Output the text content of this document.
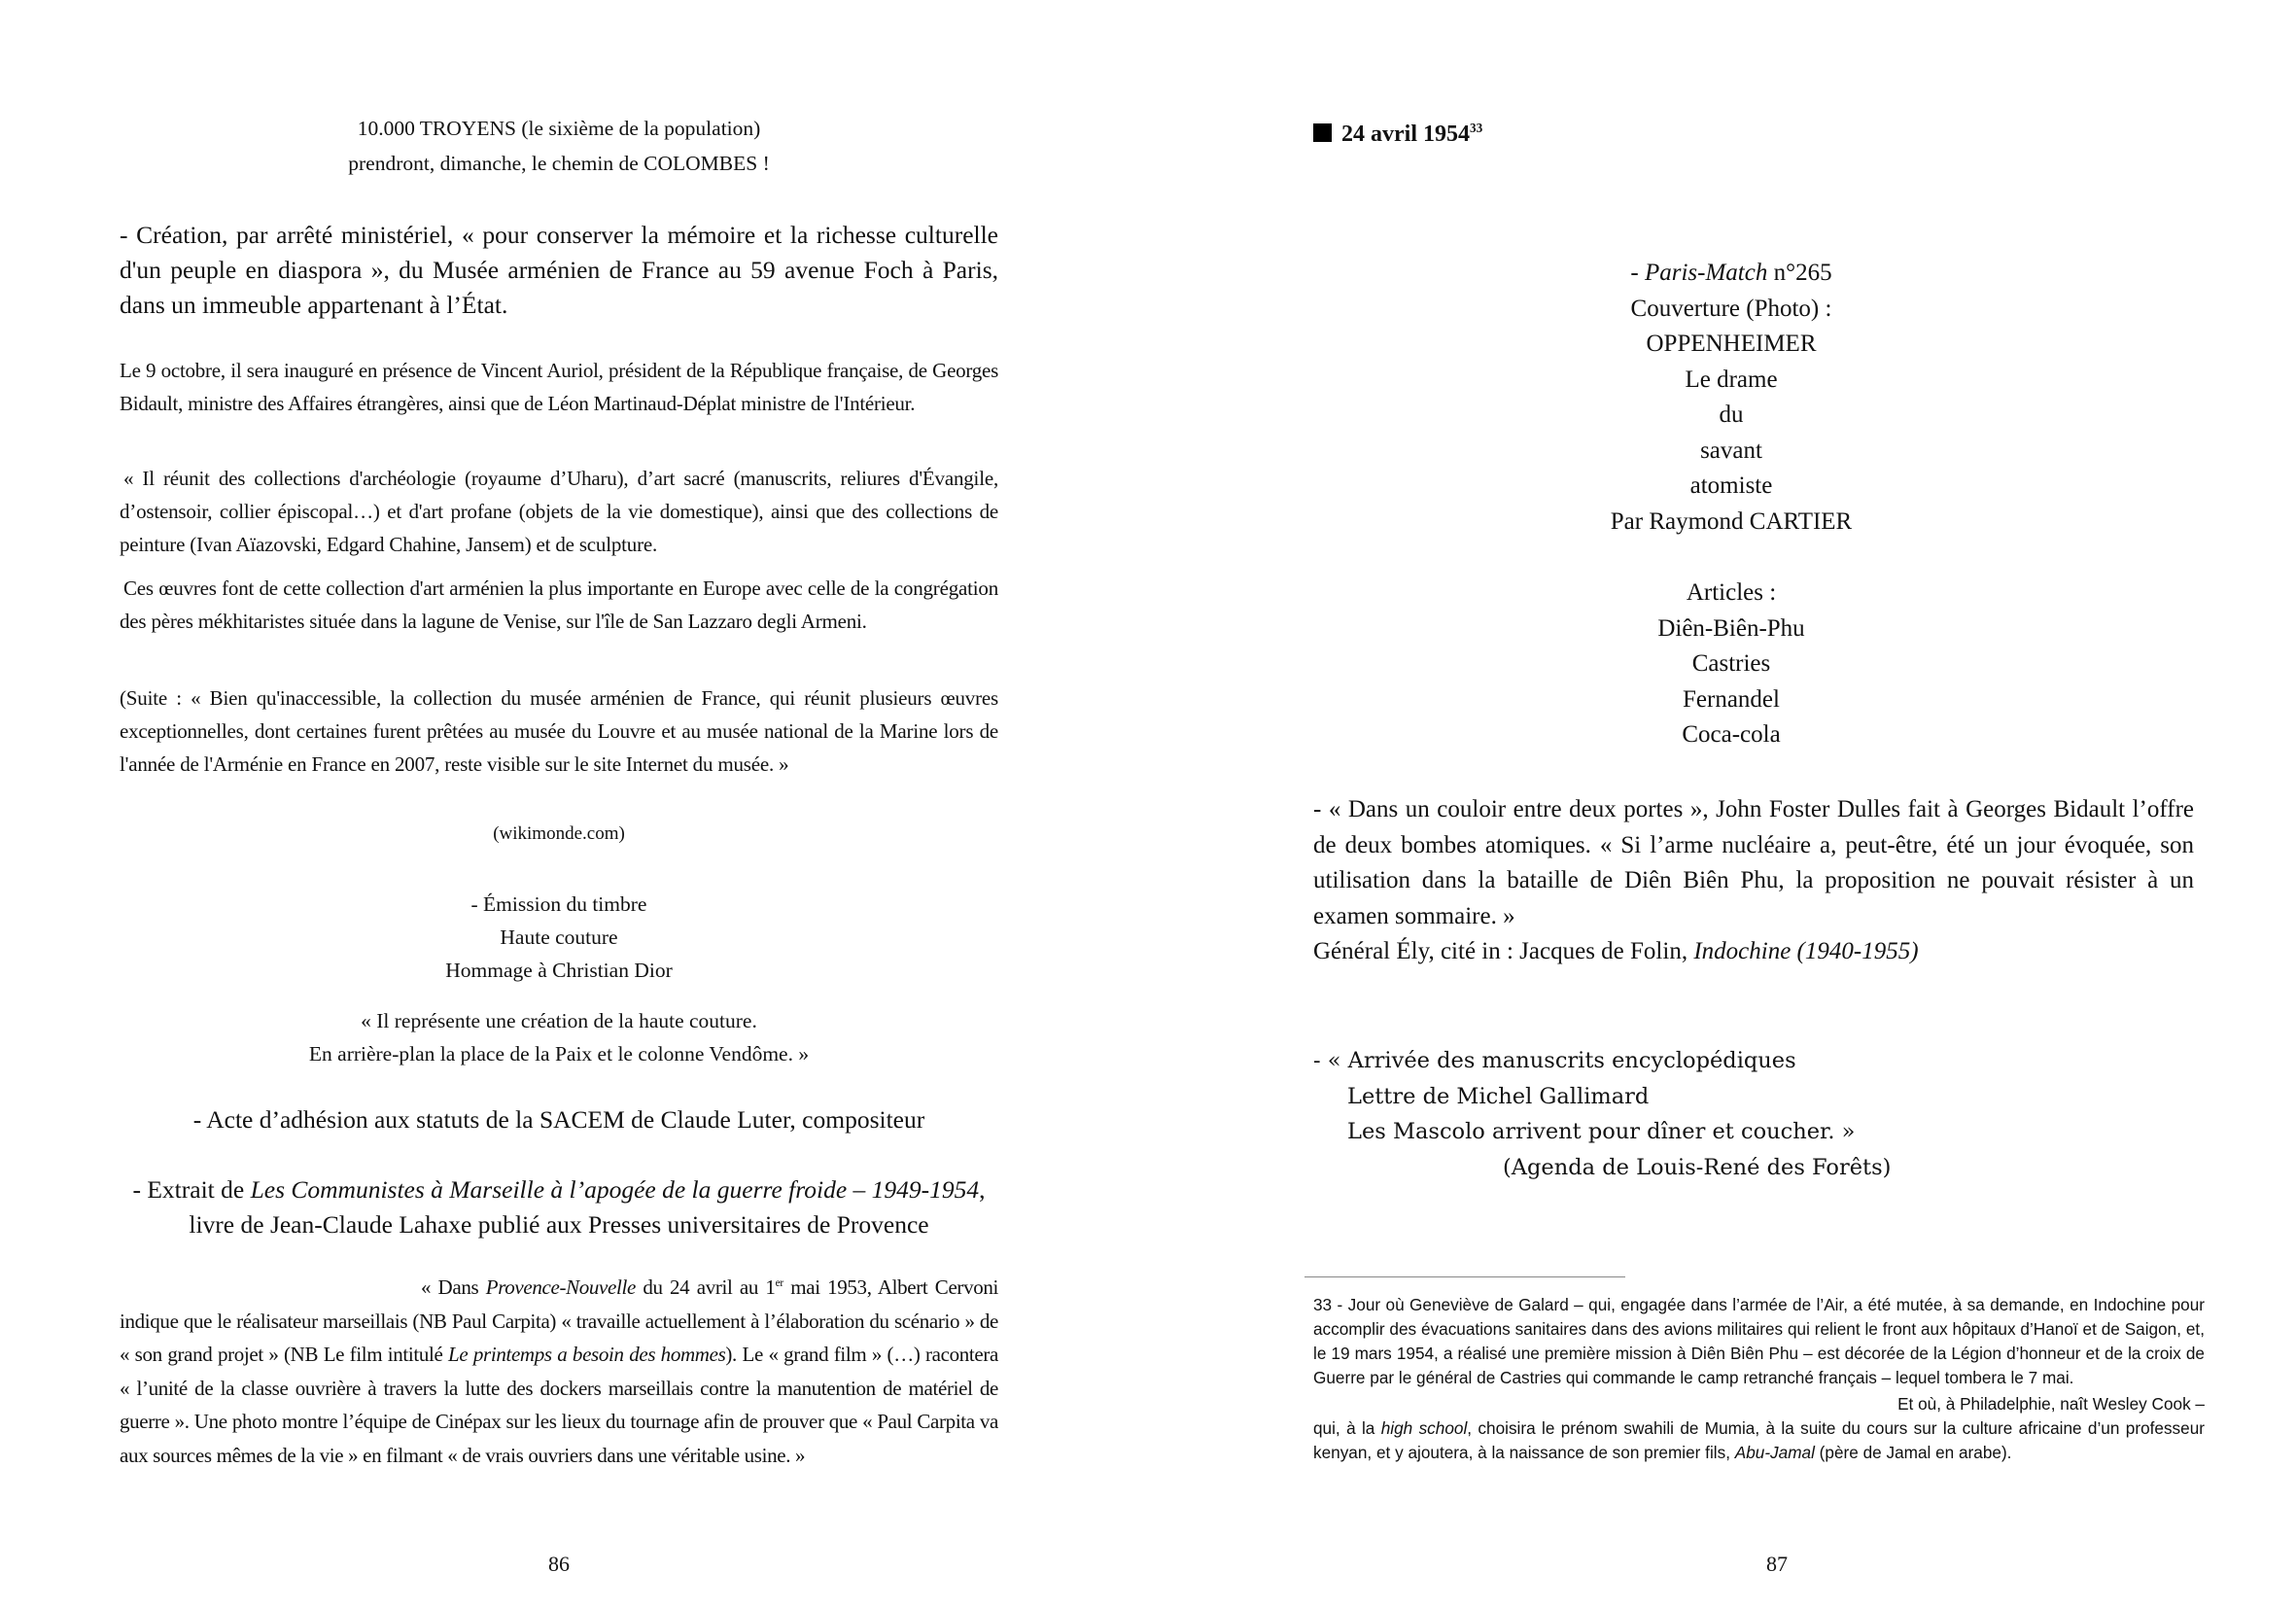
10.000 TROYENS (le sixième de la population)

prendront, dimanche, le chemin de COLOMBES !

- Création, par arrêté ministériel, « pour conserver la mémoire et la richesse culturelle d'un peuple en diaspora », du Musée arménien de France au 59 avenue Foch à Paris, dans un immeuble appartenant à l’État.

Le 9 octobre, il sera inauguré en présence de Vincent Auriol, président de la République française, de Georges Bidault, ministre des Affaires étrangères, ainsi que de Léon Martinaud-Déplat ministre de l'Intérieur.

« Il réunit des collections d'archéologie (royaume d’Uharu), d’art sacré (manuscrits, reliures d'Évangile, d’ostensoir, collier épiscopal…) et d'art profane (objets de la vie domestique), ainsi que des collections de peinture (Ivan Aïazovski, Edgard Chahine, Jansem) et de sculpture.

Ces œuvres font de cette collection d'art arménien la plus importante en Europe avec celle de la congrégation des pères mékhitaristes située dans la lagune de Venise, sur l'île de San Lazzaro degli Armeni.

(Suite : « Bien qu'inaccessible, la collection du musée arménien de France, qui réunit plusieurs œuvres exceptionnelles, dont certaines furent prêtées au musée du Louvre et au musée national de la Marine lors de l'année de l'Arménie en France en 2007, reste visible sur le site Internet du musée. »

(wikimonde.com)

- Émission du timbre

Haute couture

Hommage à Christian Dior

« Il représente une création de la haute couture.

En arrière-plan la place de la Paix et le colonne Vendôme. »

- Acte d’adhésion aux statuts de la SACEM de Claude Luter, compositeur

- Extrait de Les Communistes à Marseille à l’apogée de la guerre froide – 1949-1954,

livre de Jean-Claude Lahaxe publié aux Presses universitaires de Provence

« Dans Provence-Nouvelle du 24 avril au 1er mai 1953, Albert Cervoni indique que le réalisateur marseillais (NB Paul Carpita) « travaille actuellement à l’élaboration du scénario » de « son grand projet » (NB Le film intitulé Le printemps a besoin des hommes). Le « grand film » (…) racontera « l’unité de la classe ouvrière à travers la lutte des dockers marseillais contre la manutention de matériel de guerre ». Une photo montre l’équipe de Cinépax sur les lieux du tournage afin de prouver que « Paul Carpita va aux sources mêmes de la vie » en filmant « de vrais ouvriers dans une véritable usine. »

86
24 avril 1954$^{33}$

- Paris-Match n°265

Couverture (Photo) :

OPPENHEIMER

Le drame

du

savant

atomiste

Par Raymond CARTIER

Articles :

Diên-Biên-Phu

Castries

Fernandel

Coca-cola

- « Dans un couloir entre deux portes », John Foster Dulles fait à Georges Bidault l’offre de deux bombes atomiques. « Si l’arme nucléaire a, peut-être, été un jour évoquée, son utilisation dans la bataille de Diên Biên Phu, la proposition ne pouvait résister à un examen sommaire. »

Général Ély, cité in : Jacques de Folin, Indochine (1940-1955)

- « Arrivée des manuscrits encyclopédiques

Lettre de Michel Gallimard

Les Mascolo arrivent pour dîner et coucher. »

(Agenda de Louis-René des Forêts)

87

33 - Jour où Geneviève de Galard – qui, engagée dans l’armée de l’Air, a été mutée, à sa demande, en Indochine pour accomplir des évacuations sanitaires dans des avions militaires qui relient le front aux hôpitaux d’Hanoï et de Saigon, et, le 19 mars 1954, a réalisé une première mission à Diên Biên Phu – est décorée de la Légion d’honneur et de la croix de Guerre par le général de Castries qui commande le camp retranché français – lequel tombera le 7 mai.

Et où, à Philadelphie, naît Wesley Cook –

qui, à la high school, choisira le prénom swahili de Mumia, à la suite du cours sur la culture africaine d’un professeur kenyan, et y ajoutera, à la naissance de son premier fils, Abu-Jamal (père de Jamal en arabe).
